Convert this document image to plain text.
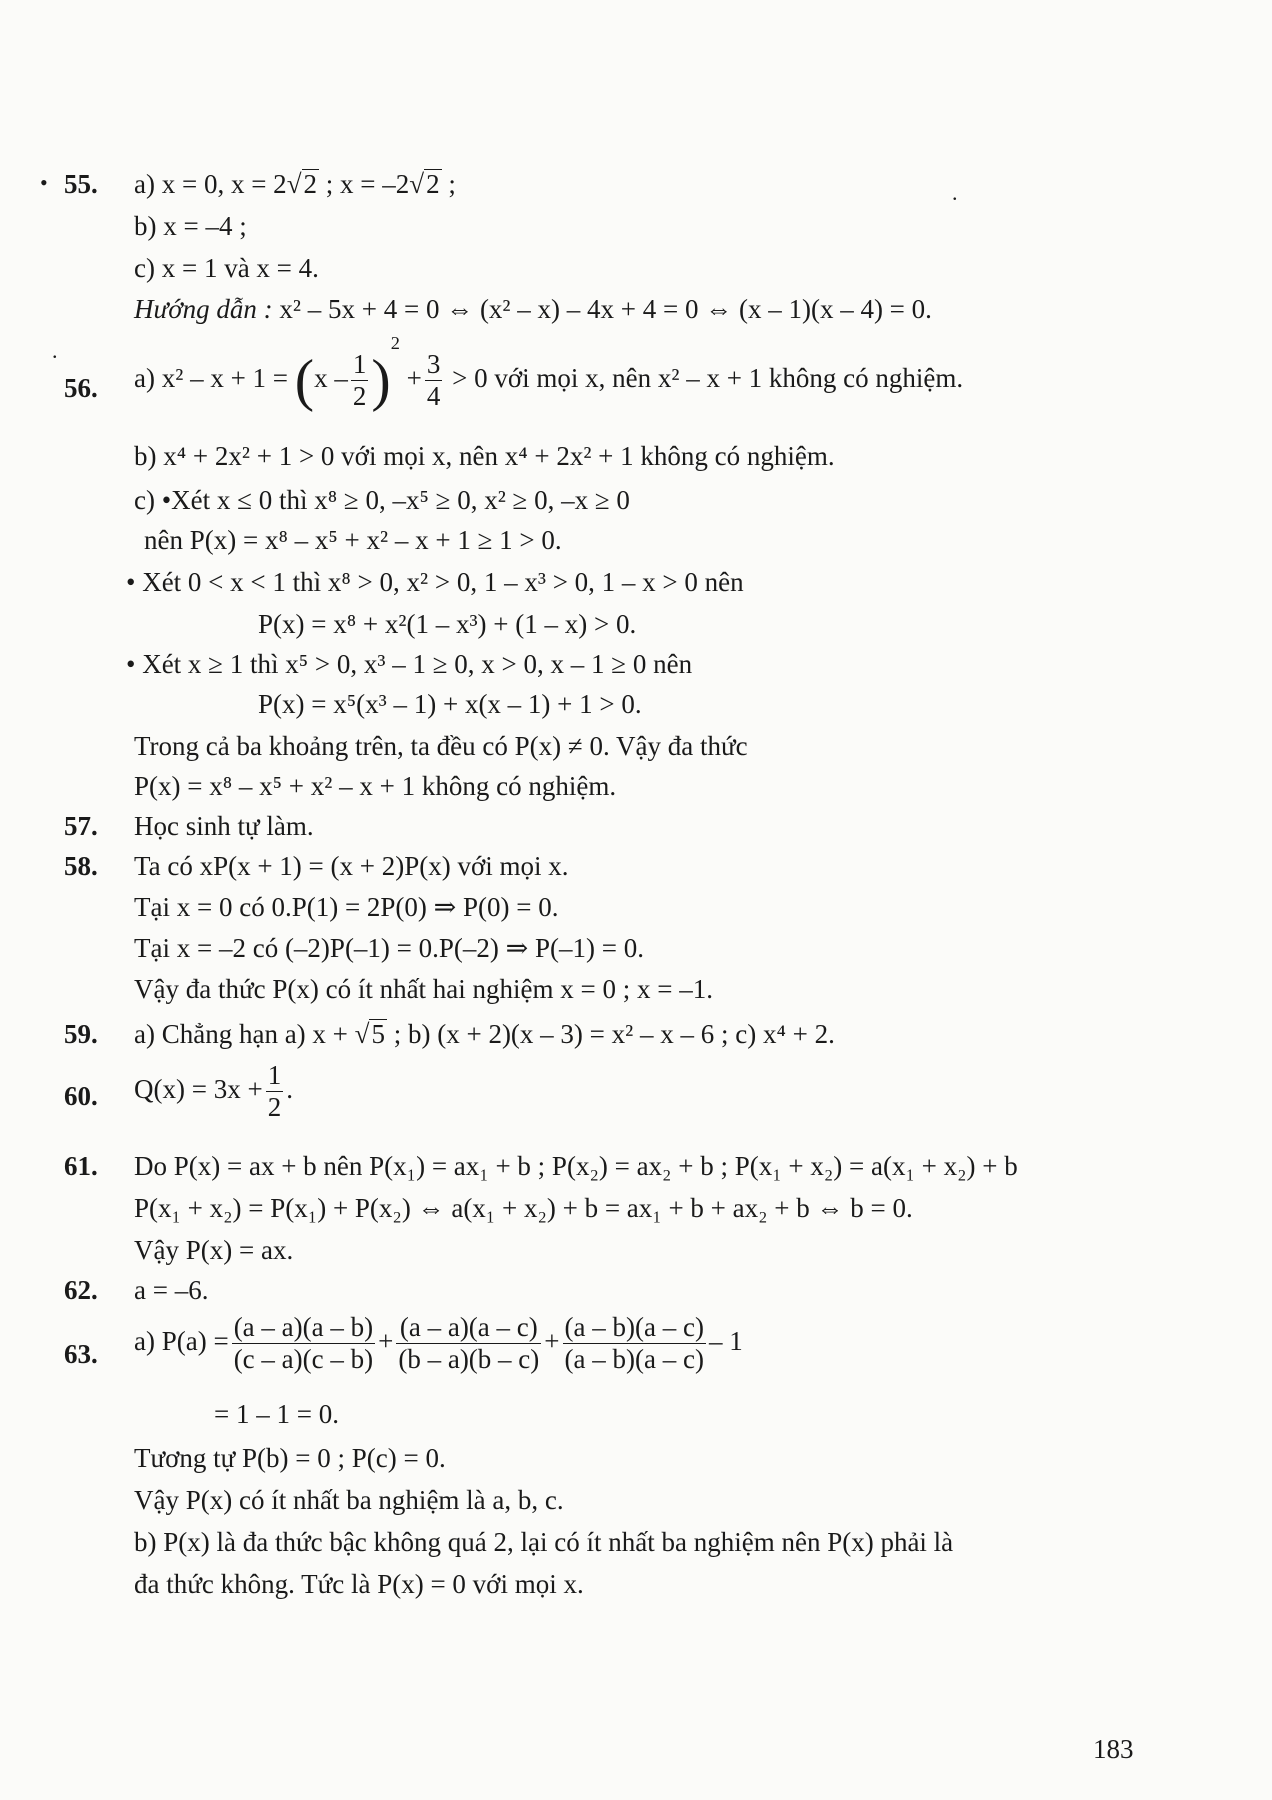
•	.
.
55. a) x = 0, x = 2√2 ; x = –2√2 ;
b) x = –4 ;
c) x = 1 và x = 4.
Hướng dẫn : x² – 5x + 4 = 0 ⇔ (x² – x) – 4x + 4 = 0 ⇔ (x – 1)(x – 4) = 0.
56. a) $x^2 - x + 1 = (x - \frac{1}{2} )^2 + \frac{3}{4} > 0$ với mọi x, nên x² – x + 1 không có nghiệm.
b) x⁴ + 2x² + 1 > 0 với mọi x, nên x⁴ + 2x² + 1 không có nghiệm.
c) •Xét x ≤ 0 thì x⁸ ≥ 0, –x⁵ ≥ 0, x² ≥ 0, –x ≥ 0
nên P(x) = x⁸ – x⁵ + x² – x + 1 ≥ 1 > 0.
• Xét 0 < x < 1 thì x⁸ > 0, x² > 0, 1 – x³ > 0, 1 – x > 0 nên
P(x) = x⁸ + x²(1 – x³) + (1 – x) > 0.
• Xét x ≥ 1 thì x⁵ > 0, x³ – 1 ≥ 0, x > 0, x – 1 ≥ 0 nên
P(x) = x⁵(x³ – 1) + x(x – 1) + 1 > 0.
Trong cả ba khoảng trên, ta đều có P(x) ≠ 0. Vậy đa thức
P(x) = x⁸ – x⁵ + x² – x + 1 không có nghiệm.
57. Học sinh tự làm.
58. Ta có xP(x + 1) = (x + 2)P(x) với mọi x.
Tại x = 0 có 0.P(1) = 2P(0) ⇒ P(0) = 0.
Tại x = –2 có (–2)P(–1) = 0.P(–2) ⇒ P(–1) = 0.
Vậy đa thức P(x) có ít nhất hai nghiệm x = 0 ; x = –1.
59. a) Chẳng hạn a) x + √5 ; b) (x + 2)(x – 3) = x² – x – 6 ; c) x⁴ + 2.
60. $Q(x) = 3x + \frac{1}{2}$ .
61. Do P(x) = ax + b nên P(x₁) = ax₁ + b ; P(x₂) = ax₂ + b ; P(x₁ + x₂) = a(x₁ + x₂) + b
P(x₁ + x₂) = P(x₁) + P(x₂) ⇔ a(x₁ + x₂) + b = ax₁ + b + ax₂ + b ⇔ b = 0.
Vậy P(x) = ax.
62. a = –6.
63. a) $P(a) = \frac{(a - a)(a - b)}{(c - a)(c - b)} + \frac{(a - a)(a - c)}{(b - a)(b - c)} + \frac{(a - b)(a - c)}{(a - b)(a - c)} - 1$
= 1 – 1 = 0.
Tương tự P(b) = 0 ; P(c) = 0.
Vậy P(x) có ít nhất ba nghiệm là a, b, c.
b) P(x) là đa thức bậc không quá 2, lại có ít nhất ba nghiệm nên P(x) phải là
đa thức không. Tức là P(x) = 0 với mọi x.
183
